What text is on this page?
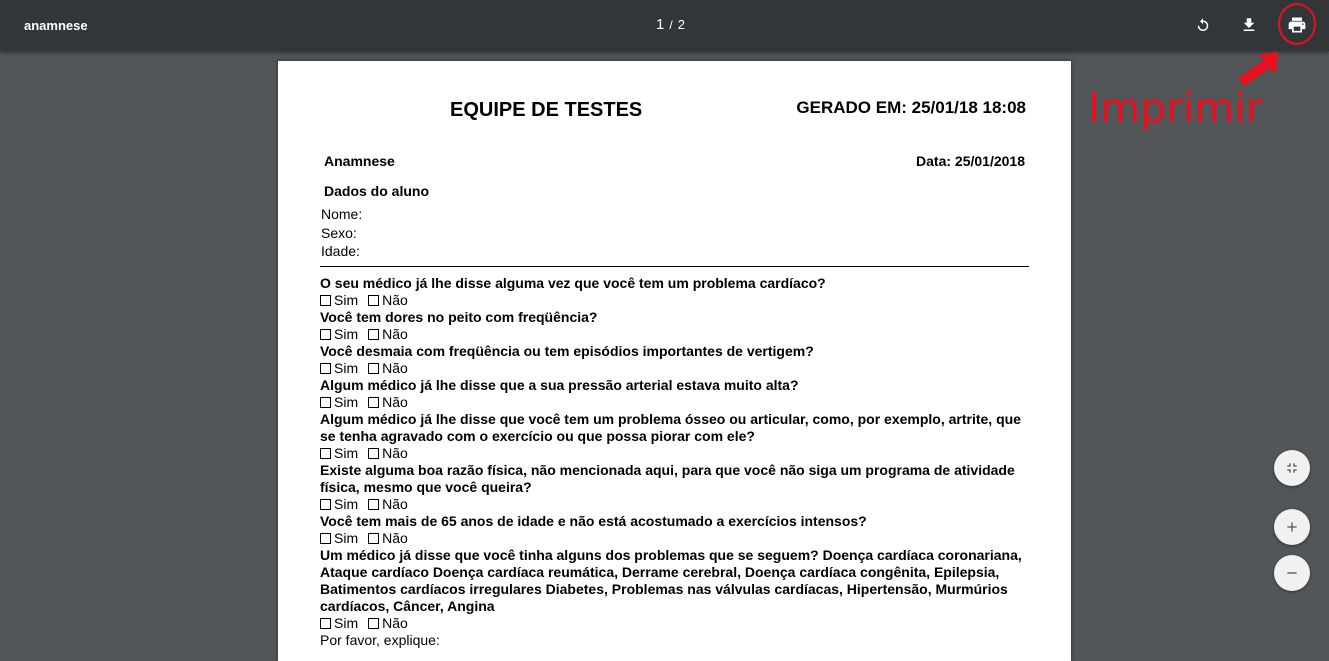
anamnese	1 / 2
EQUIPE DE TESTES	GERADO EM: 25/01/18 18:08
Anamnese	Data: 25/01/2018
Dados do aluno
Nome:
Sexo:
Idade:
O seu médico já lhe disse alguma vez que você tem um problema cardíaco?
Sim Não
Você tem dores no peito com freqüência?
Sim Não
Você desmaia com freqüência ou tem episódios importantes de vertigem?
Sim Não
Algum médico já lhe disse que a sua pressão arterial estava muito alta?
Sim Não
Algum médico já lhe disse que você tem um problema ósseo ou articular, como, por exemplo, artrite, que se tenha agravado com o exercício ou que possa piorar com ele?
Sim Não
Existe alguma boa razão física, não mencionada aqui, para que você não siga um programa de atividade física, mesmo que você queira?
Sim Não
Você tem mais de 65 anos de idade e não está acostumado a exercícios intensos?
Sim Não
Um médico já disse que você tinha alguns dos problemas que se seguem? Doença cardíaca coronariana, Ataque cardíaco Doença cardíaca reumática, Derrame cerebral, Doença cardíaca congênita, Epilepsia, Batimentos cardíacos irregulares Diabetes, Problemas nas válvulas cardíacas, Hipertensão, Murmúrios cardíacos, Câncer, Angina
Sim Não
Por favor, explique:
Imprimir
